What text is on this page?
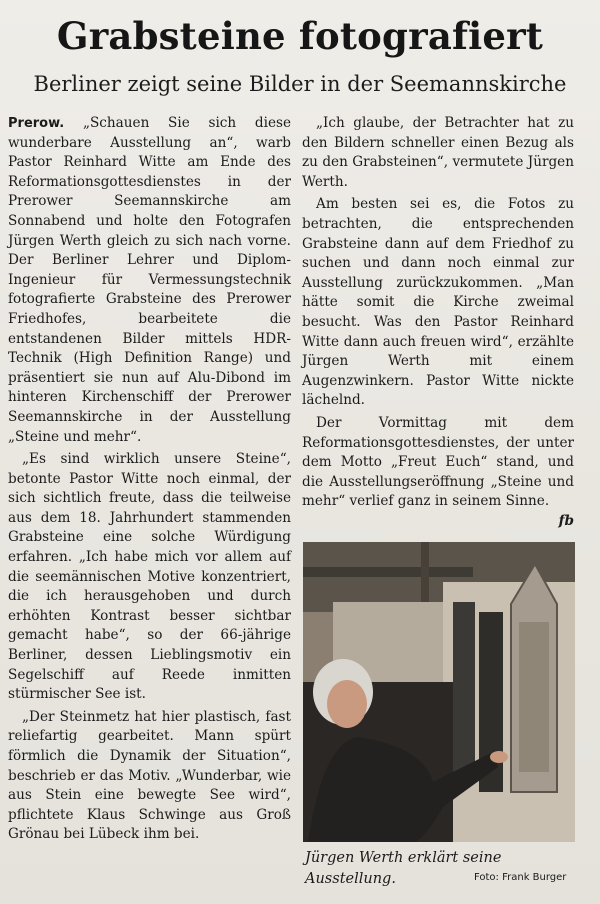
Grabsteine fotografiert
Berliner zeigt seine Bilder in der Seemannskirche

Prerow. „Schauen Sie sich diese wunderbare Ausstellung an“, warb Pastor Reinhard Witte am Ende des Reformationsgottesdienstes in der Prerower Seemannskirche am Sonnabend und holte den Fotografen Jürgen Werth gleich zu sich nach vorne. Der Berliner Lehrer und Diplom-Ingenieur für Vermessungstechnik fotografierte Grabsteine des Prerower Friedhofes, bearbeitete die entstandenen Bilder mittels HDR-Technik (High Definition Range) und präsentiert sie nun auf Alu-Dibond im hinteren Kirchenschiff der Prerower Seemannskirche in der Ausstellung „Steine und mehr“.

„Es sind wirklich unsere Steine“, betonte Pastor Witte noch einmal, der sich sichtlich freute, dass die teilweise aus dem 18. Jahrhundert stammenden Grabsteine eine solche Würdigung erfahren. „Ich habe mich vor allem auf die seemännischen Motive konzentriert, die ich herausgehoben und durch erhöhten Kontrast besser sichtbar gemacht habe“, so der 66-jährige Berliner, dessen Lieblingsmotiv ein Segelschiff auf Reede inmitten stürmischer See ist.

„Der Steinmetz hat hier plastisch, fast reliefartig gearbeitet. Mann spürt förmlich die Dynamik der Situation“, beschrieb er das Motiv. „Wunderbar, wie aus Stein eine bewegte See wird“, pflichtete Klaus Schwinge aus Groß Grönau bei Lübeck ihm bei.

„Ich glaube, der Betrachter hat zu den Bildern schneller einen Bezug als zu den Grabsteinen“, vermutete Jürgen Werth.

Am besten sei es, die Fotos zu betrachten, die entsprechenden Grabsteine dann auf dem Friedhof zu suchen und dann noch einmal zur Ausstellung zurückzukommen. „Man hätte somit die Kirche zweimal besucht. Was den Pastor Reinhard Witte dann auch freuen wird“, erzählte Jürgen Werth mit einem Augenzwinkern. Pastor Witte nickte lächelnd.

Der Vormittag mit dem Reformationsgottesdienstes, der unter dem Motto „Freut Euch“ stand, und die Ausstellungseröffnung „Steine und mehr“ verlief ganz in seinem Sinne.
fb

Jürgen Werth erklärt seine Ausstellung.	Foto: Frank Burger
